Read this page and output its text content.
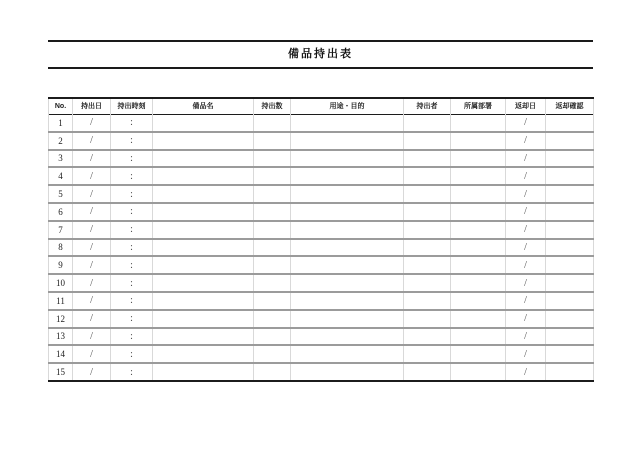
備品持出表
No.	持出日	持出時刻	備品名	持出数	用途・目的	持出者	所属部署	返却日	返却確認
1	/	:						/	
2	/	:						/	
3	/	:						/	
4	/	:						/	
5	/	:						/	
6	/	:						/	
7	/	:						/	
8	/	:						/	
9	/	:						/	
10	/	:						/	
11	/	:						/	
12	/	:						/	
13	/	:						/	
14	/	:						/	
15	/	:						/	
